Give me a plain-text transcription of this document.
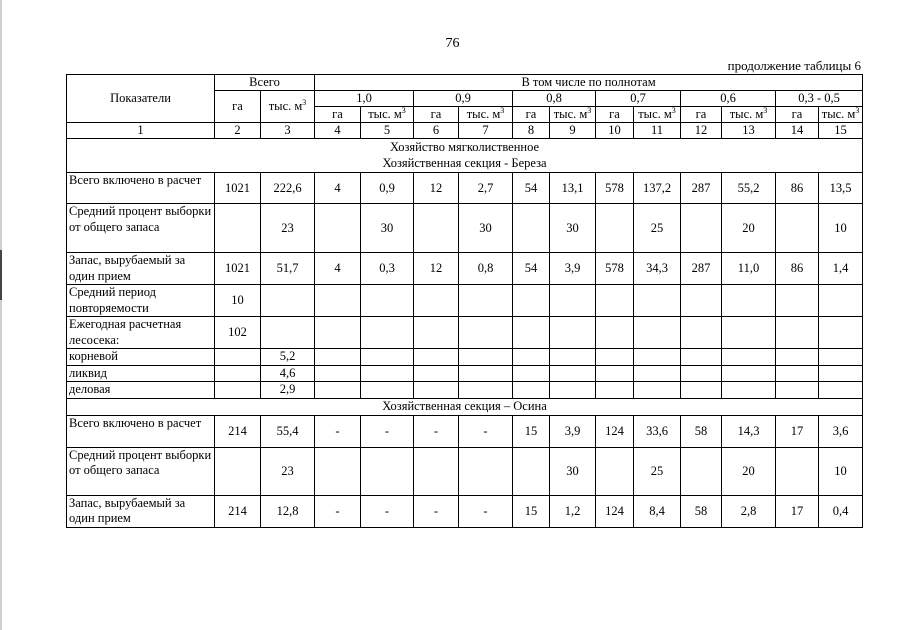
76
продолжение таблицы 6
Показатели	Всего		В том числе по полнотам											
	га	тыс. $м^3$	1,0		0,9		0,8		0,7		0,6		0,3 - 0,5	
			га	тыс. $м^3$	га	тыс. $м^3$	га	тыс. $м^3$	га	тыс. $м^3$	га	тыс. $м^3$	га	тыс. $м^3$
1	2	3	4	5	6	7	8	9	10	11	12	13	14	15

Хозяйство мягколиственное
Хозяйственная секция - Береза														

Всего включено в расчет	1021	222,6	4	0,9	12	2,7	54	13,1	578	137,2	287	55,2	86	13,5
Средний процент выборки от общего запаса		23		30		30		30		25		20		10
Запас, вырубаемый за один прием	1021	51,7	4	0,3	12	0,8	54	3,9	578	34,3	287	11,0	86	1,4
Средний период повторяемости	10													
Ежегодная расчетная лесосека:	102													
корневой		5,2												
ликвид		4,6												
деловая		2,9												
Хозяйственная секция – Осина														
Всего включено в расчет	214	55,4	-	-	-	-	15	3,9	124	33,6	58	14,3	17	3,6
Средний процент выборки от общего запаса		23						30		25		20		10
Запас, вырубаемый за один прием	214	12,8	-	-	-	-	15	1,2	124	8,4	58	2,8	17	0,4
